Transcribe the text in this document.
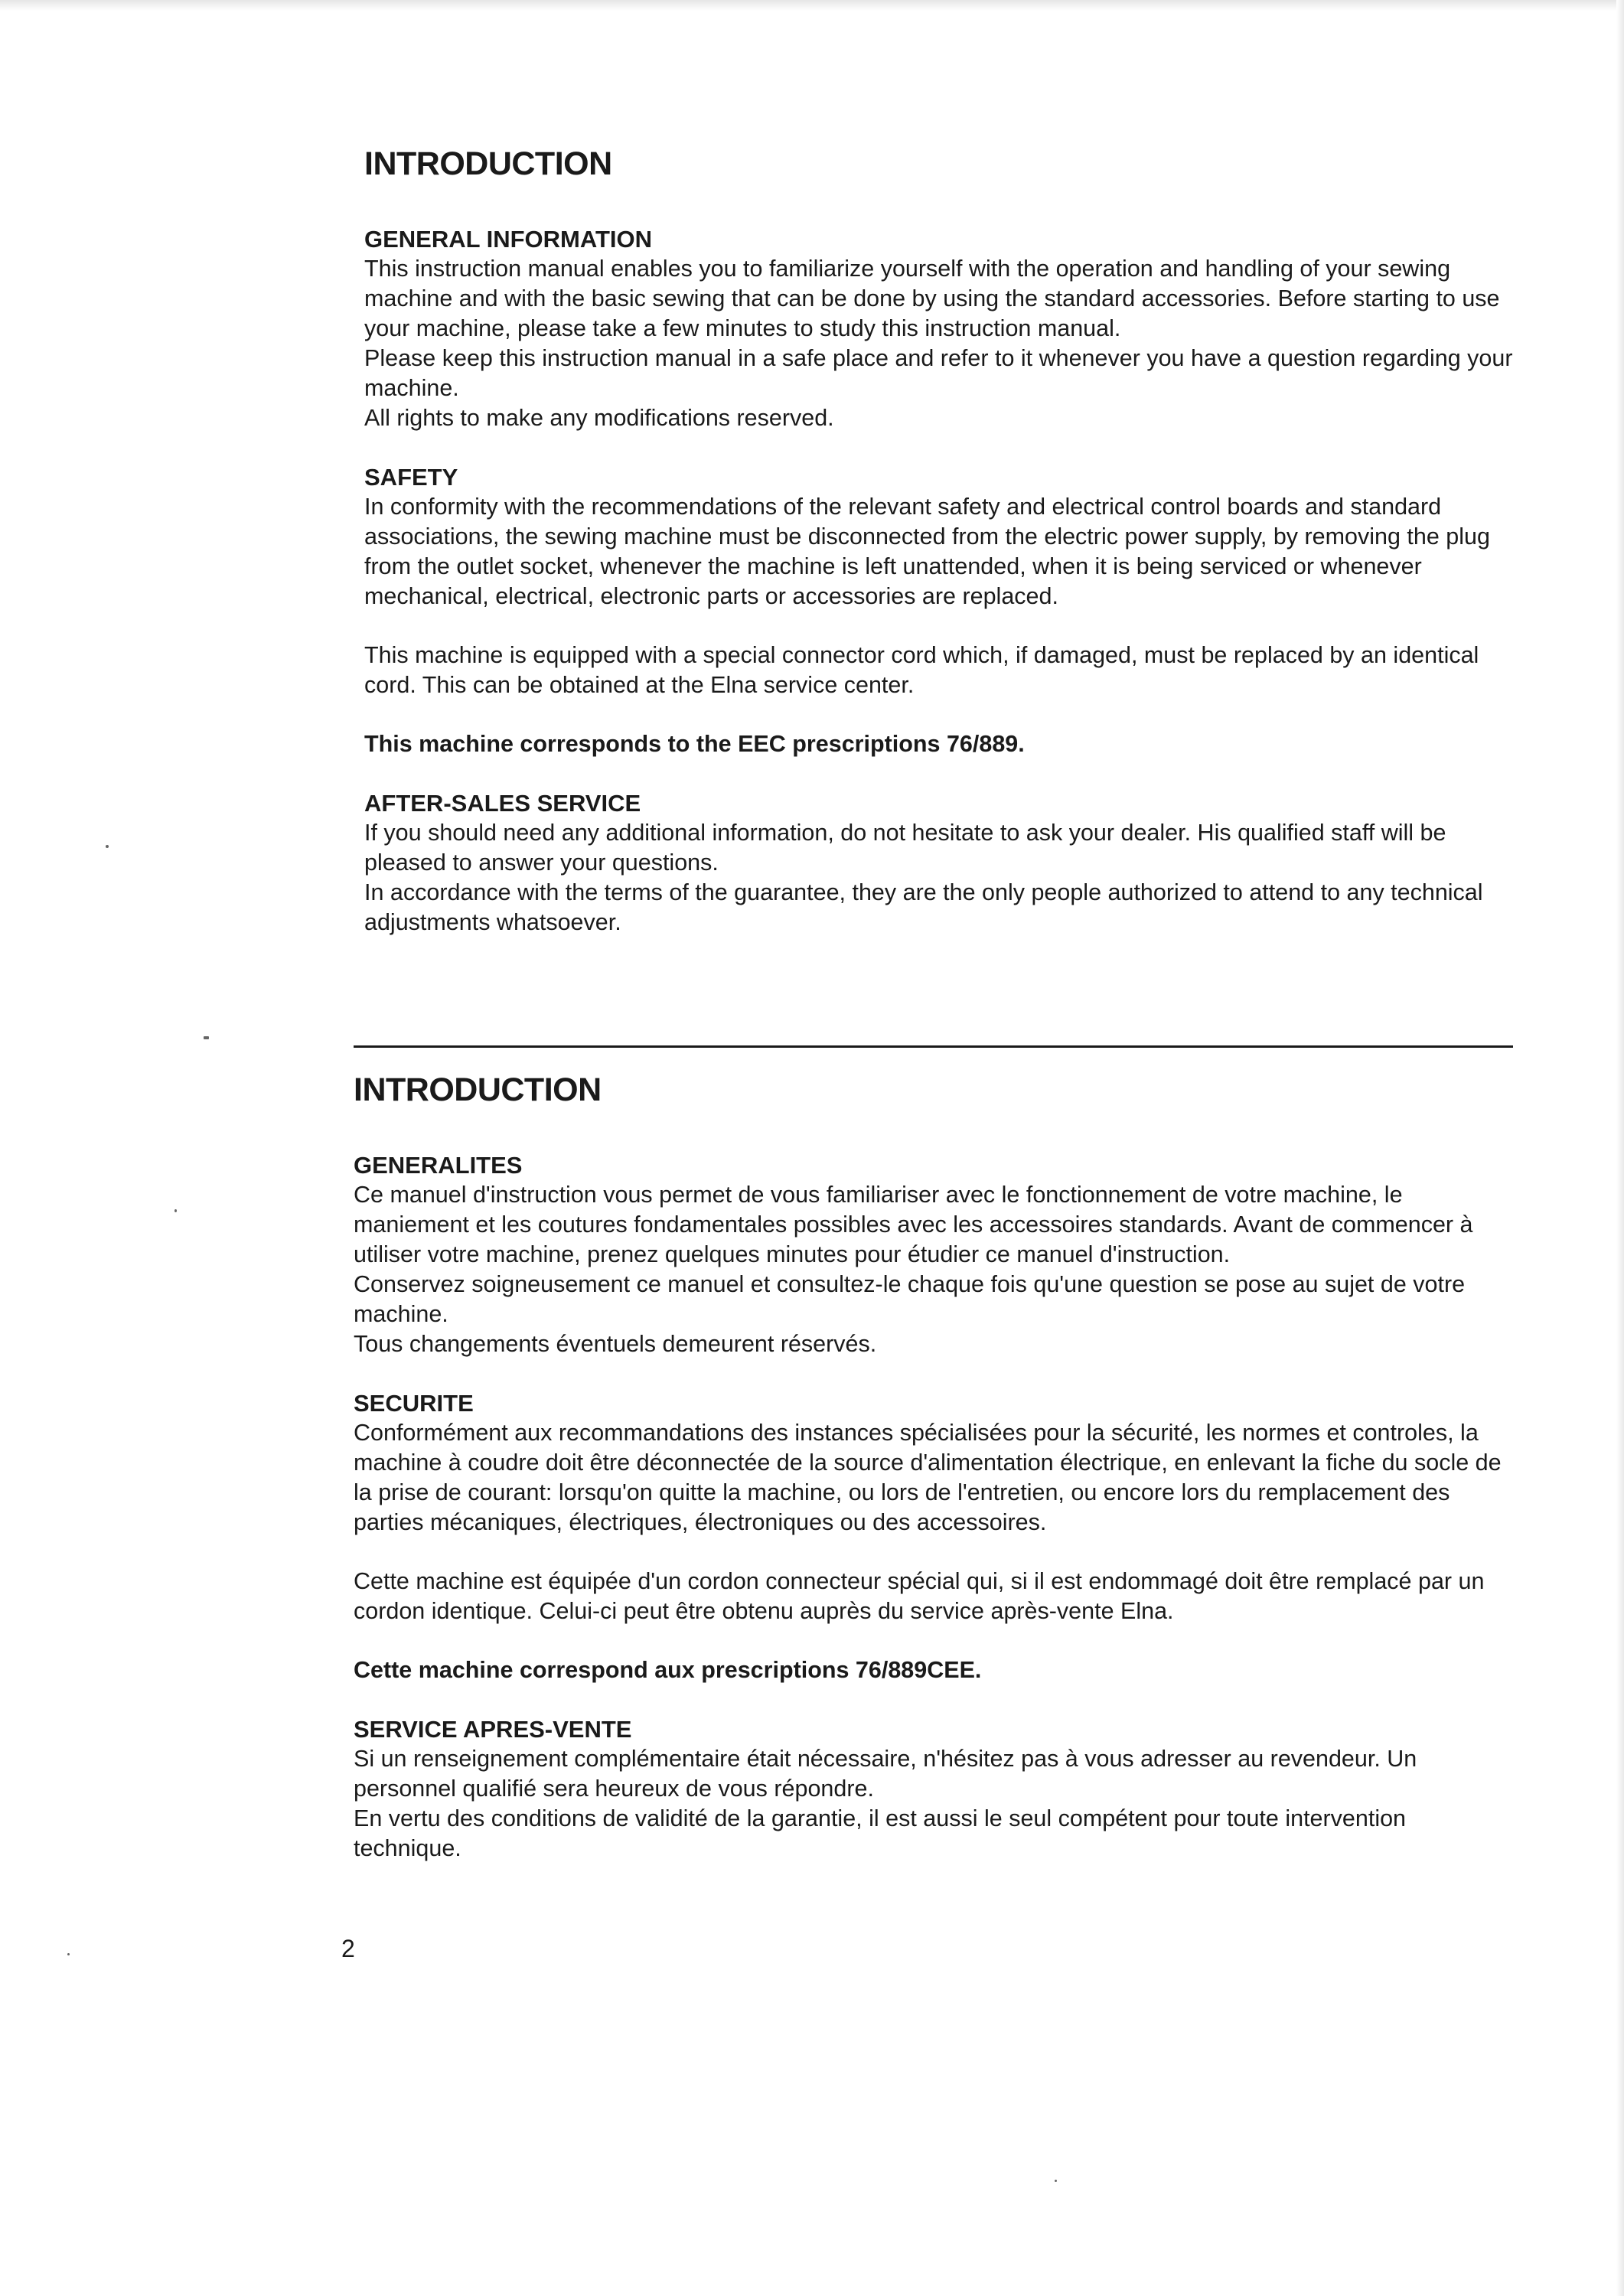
INTRODUCTION
GENERAL INFORMATION

This instruction manual enables you to familiarize yourself with the operation and handling of your sewing machine and with the basic sewing that can be done by using the standard accessories. Before starting to use your machine, please take a few minutes to study this instruction manual.

Please keep this instruction manual in a safe place and refer to it whenever you have a question regarding your machine.

All rights to make any modifications reserved.

SAFETY

In conformity with the recommendations of the relevant safety and electrical control boards and standard associations, the sewing machine must be disconnected from the electric power supply, by removing the plug from the outlet socket, whenever the machine is left unattended, when it is being serviced or whenever mechanical, electrical, electronic parts or accessories are replaced.

This machine is equipped with a special connector cord which, if damaged, must be replaced by an identical cord. This can be obtained at the Elna service center.

This machine corresponds to the EEC prescriptions 76/889.

AFTER-SALES SERVICE

If you should need any additional information, do not hesitate to ask your dealer. His qualified staff will be pleased to answer your questions.

In accordance with the terms of the guarantee, they are the only people authorized to attend to any technical adjustments whatsoever.

INTRODUCTION
GENERALITES

Ce manuel d'instruction vous permet de vous familiariser avec le fonctionnement de votre machine, le maniement et les coutures fondamentales possibles avec les accessoires standards. Avant de commencer à utiliser votre machine, prenez quelques minutes pour étudier ce manuel d'instruction.

Conservez soigneusement ce manuel et consultez-le chaque fois qu'une question se pose au sujet de votre machine.

Tous changements éventuels demeurent réservés.

SECURITE

Conformément aux recommandations des instances spécialisées pour la sécurité, les normes et controles, la machine à coudre doit être déconnectée de la source d'alimentation électrique, en enlevant la fiche du socle de la prise de courant: lorsqu'on quitte la machine, ou lors de l'entretien, ou encore lors du remplacement des parties mécaniques, électriques, électroniques ou des accessoires.

Cette machine est équipée d'un cordon connecteur spécial qui, si il est endommagé doit être remplacé par un cordon identique. Celui-ci peut être obtenu auprès du service après-vente Elna.

Cette machine correspond aux prescriptions 76/889CEE.

SERVICE APRES-VENTE

Si un renseignement complémentaire était nécessaire, n'hésitez pas à vous adresser au revendeur. Un personnel qualifié sera heureux de vous répondre.

En vertu des conditions de validité de la garantie, il est aussi le seul compétent pour toute intervention technique.

2
